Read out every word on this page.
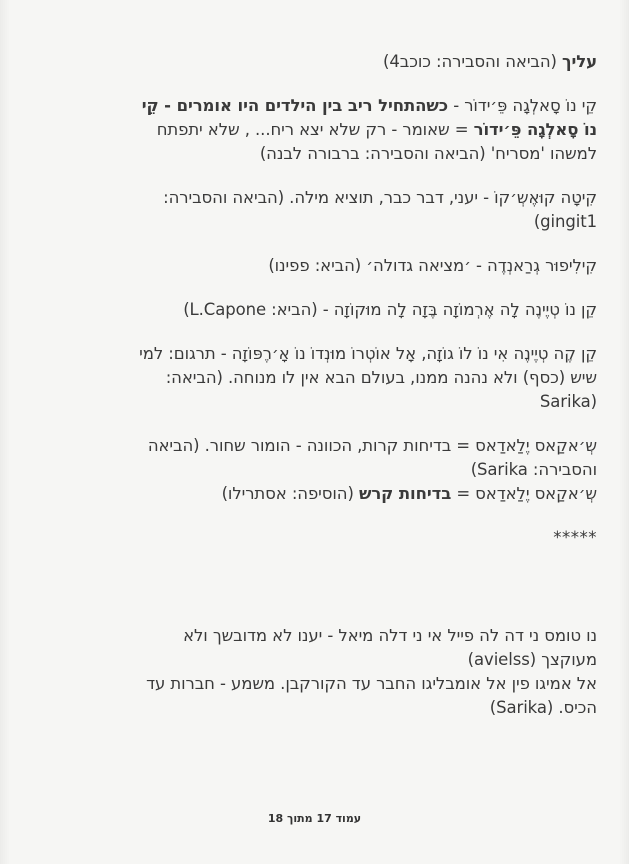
עליך (הביאה והסבירה: כוכב4)
קֵי נוֹ סָאלְגָה פֵּ׳ידוֹר - כשהתחיל ריב בין הילדים היו אומרים - קֵי
נוֹ סָאלְגָה פֵּ׳ידוֹר = שאומר - רק שלא יצא ריח... , שלא יתפתח
למשהו 'מסריח' (הביאה והסבירה: ברבורה לבנה)
קִיטָה קוּאֶשְ׳קוֹ - יעני, דבר כבר, תוציא מילה. (הביאה והסבירה:
gingit1)
קִילִיפוּר גְרַאנְדֶה - ׳מציאה גדולה׳ (הביא: פפינו)
קֵן נוֹ טְיֶינֶה לָה אֶרְמוֹזָה בֶּזָה לָה מוּקוֹזָה - (הביא: L.Capone)
קֵן קֶה טְיֶינֶה אִי נוֹ לוֹ גוֹזָה, אָל אוֹטְרוֹ מוּנְדוֹ נוֹ אָ׳רֶפּוֹזָה - תרגום: למי
שיש (כסף) ולא נהנה ממנו, בעולם הבא אין לו מנוחה. (הביאה:
(Sarika
שְ׳אקַאס יֶלַאדַאס = בדיחות קרות, הכוונה - הומור שחור. (הביאה
והסבירה: Sarika)
שְ׳אקַאס יֶלַאדַאס = בדיחות קרש (הוסיפה: אסתרילו)
*****
נו טומס ני דה לה פייל אי ני דלה מיאל - יענו לא מדובשך ולא
מעוקצך (avielss)
אל אמיגו פין אל אומבליגו החבר עד הקורקבן. משמע - חברות עד
הכיס. (Sarika)
עמוד 17 מתוך 18
